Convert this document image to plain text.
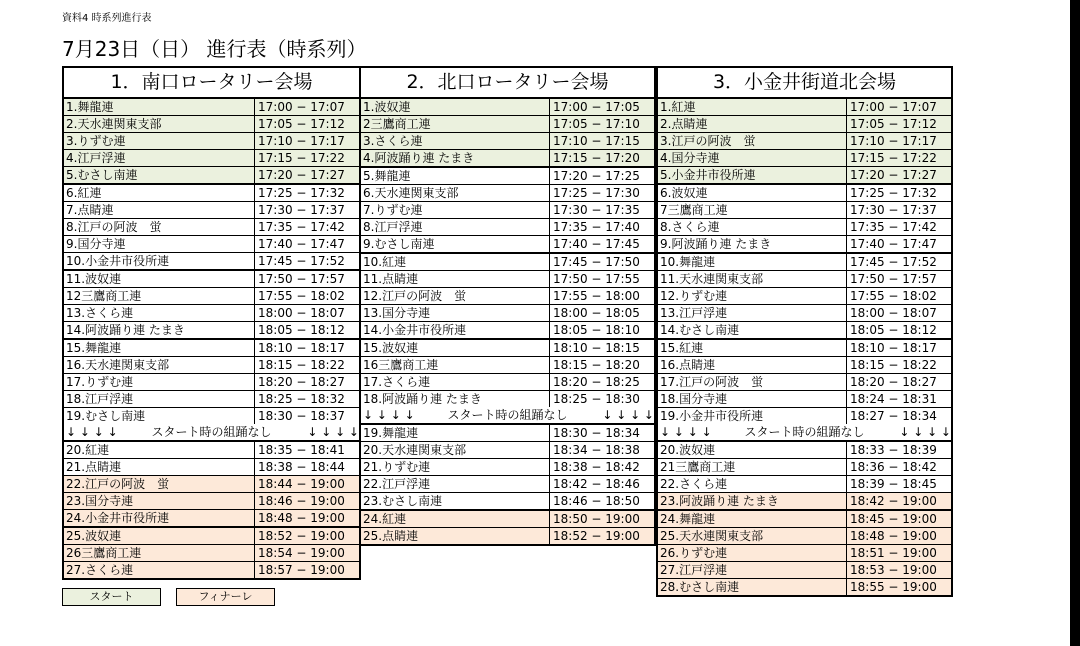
資料4 時系列進行表
7月23日（日） 進行表（時系列）
1．南口ロータリー会場
1.舞龍連	17:00 − 17:07
2.天水連関東支部	17:05 − 17:12
3.りずむ連	17:10 − 17:17
4.江戸浮連	17:15 − 17:22
5.むさし南連	17:20 − 17:27
6.紅連	17:25 − 17:32
7.点睛連	17:30 − 17:37
8.江戸の阿波　蛍	17:35 − 17:42
9.国分寺連	17:40 − 17:47
10.小金井市役所連	17:45 − 17:52
11.波奴連	17:50 − 17:57
12三鷹商工連	17:55 − 18:02
13.さくら連	18:00 − 18:07
14.阿波踊り連 たまき	18:05 − 18:12
15.舞龍連	18:10 − 18:17
16.天水連関東支部	18:15 − 18:22
17.りずむ連	18:20 − 18:27
18.江戸浮連	18:25 − 18:32
19.むさし南連	18:30 − 18:37
↓ ↓ ↓ ↓	スタート時の組踊なし	↓ ↓ ↓ ↓
20.紅連	18:35 − 18:41
21.点睛連	18:38 − 18:44
22.江戸の阿波　蛍	18:44 − 19:00
23.国分寺連	18:46 − 19:00
24.小金井市役所連	18:48 − 19:00
25.波奴連	18:52 − 19:00
26三鷹商工連	18:54 − 19:00
27.さくら連	18:57 − 19:00
2．北口ロータリー会場
1.波奴連	17:00 − 17:05
2三鷹商工連	17:05 − 17:10
3.さくら連	17:10 − 17:15
4.阿波踊り連 たまき	17:15 − 17:20
5.舞龍連	17:20 − 17:25
6.天水連関東支部	17:25 − 17:30
7.りずむ連	17:30 − 17:35
8.江戸浮連	17:35 − 17:40
9.むさし南連	17:40 − 17:45
10.紅連	17:45 − 17:50
11.点睛連	17:50 − 17:55
12.江戸の阿波　蛍	17:55 − 18:00
13.国分寺連	18:00 − 18:05
14.小金井市役所連	18:05 − 18:10
15.波奴連	18:10 − 18:15
16三鷹商工連	18:15 − 18:20
17.さくら連	18:20 − 18:25
18.阿波踊り連 たまき	18:25 − 18:30
↓ ↓ ↓ ↓	スタート時の組踊なし	↓ ↓ ↓ ↓
19.舞龍連	18:30 − 18:34
20.天水連関東支部	18:34 − 18:38
21.りずむ連	18:38 − 18:42
22.江戸浮連	18:42 − 18:46
23.むさし南連	18:46 − 18:50
24.紅連	18:50 − 19:00
25.点睛連	18:52 − 19:00
3．小金井街道北会場
1.紅連	17:00 − 17:07
2.点睛連	17:05 − 17:12
3.江戸の阿波　蛍	17:10 − 17:17
4.国分寺連	17:15 − 17:22
5.小金井市役所連	17:20 − 17:27
6.波奴連	17:25 − 17:32
7三鷹商工連	17:30 − 17:37
8.さくら連	17:35 − 17:42
9.阿波踊り連 たまき	17:40 − 17:47
10.舞龍連	17:45 − 17:52
11.天水連関東支部	17:50 − 17:57
12.りずむ連	17:55 − 18:02
13.江戸浮連	18:00 − 18:07
14.むさし南連	18:05 − 18:12
15.紅連	18:10 − 18:17
16.点睛連	18:15 − 18:22
17.江戸の阿波　蛍	18:20 − 18:27
18.国分寺連	18:24 − 18:31
19.小金井市役所連	18:27 − 18:34
↓ ↓ ↓ ↓	スタート時の組踊なし	↓ ↓ ↓ ↓
20.波奴連	18:33 − 18:39
21三鷹商工連	18:36 − 18:42
22.さくら連	18:39 − 18:45
23.阿波踊り連 たまき	18:42 − 19:00
24.舞龍連	18:45 − 19:00
25.天水連関東支部	18:48 − 19:00
26.りずむ連	18:51 − 19:00
27.江戸浮連	18:53 − 19:00
28.むさし南連	18:55 − 19:00
スタート	フィナーレ
